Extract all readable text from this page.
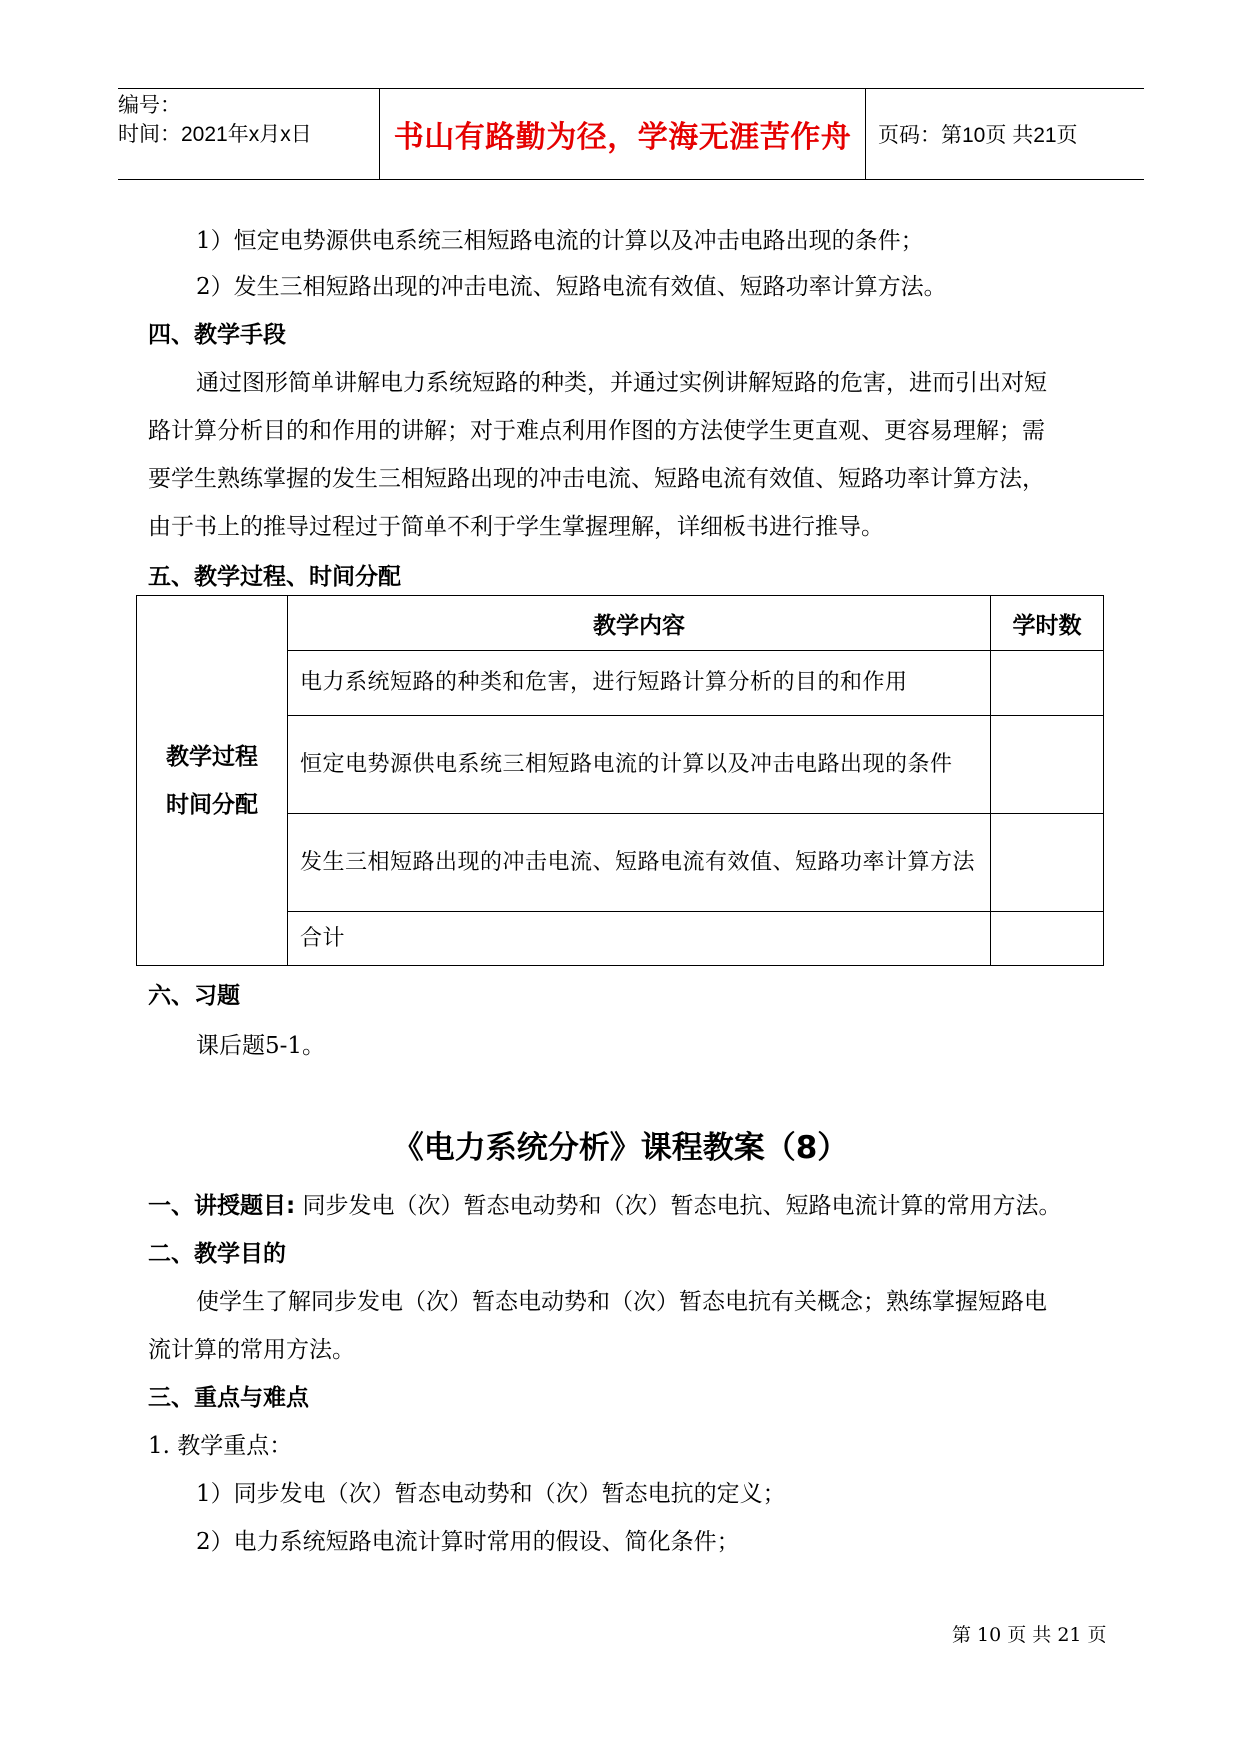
编号：
时间：2021年x月x日	书山有路勤为径，学海无涯苦作舟	页码：第10页 共21页
1）恒定电势源供电系统三相短路电流的计算以及冲击电路出现的条件；
2）发生三相短路出现的冲击电流、短路电流有效值、短路功率计算方法。
四、教学手段
通过图形简单讲解电力系统短路的种类，并通过实例讲解短路的危害，进而引出对短
路计算分析目的和作用的讲解；对于难点利用作图的方法使学生更直观、更容易理解；需
要学生熟练掌握的发生三相短路出现的冲击电流、短路电流有效值、短路功率计算方法，
由于书上的推导过程过于简单不利于学生掌握理解，详细板书进行推导。
五、教学过程、时间分配
教学过程
时间分配	教学内容	学时数
	电力系统短路的种类和危害，进行短路计算分析的目的和作用	
	恒定电势源供电系统三相短路电流的计算以及冲击电路出现的条件	
	发生三相短路出现的冲击电流、短路电流有效值、短路功率计算方法	
	合计	
六、习题
课后题5-1。
《电力系统分析》课程教案（8）
一、讲授题目: 同步发电（次）暂态电动势和（次）暂态电抗、短路电流计算的常用方法。
二、教学目的
使学生了解同步发电（次）暂态电动势和（次）暂态电抗有关概念；熟练掌握短路电
流计算的常用方法。
三、重点与难点
1. 教学重点：
1）同步发电（次）暂态电动势和（次）暂态电抗的定义；
2）电力系统短路电流计算时常用的假设、简化条件；
第 10 页 共 21 页
